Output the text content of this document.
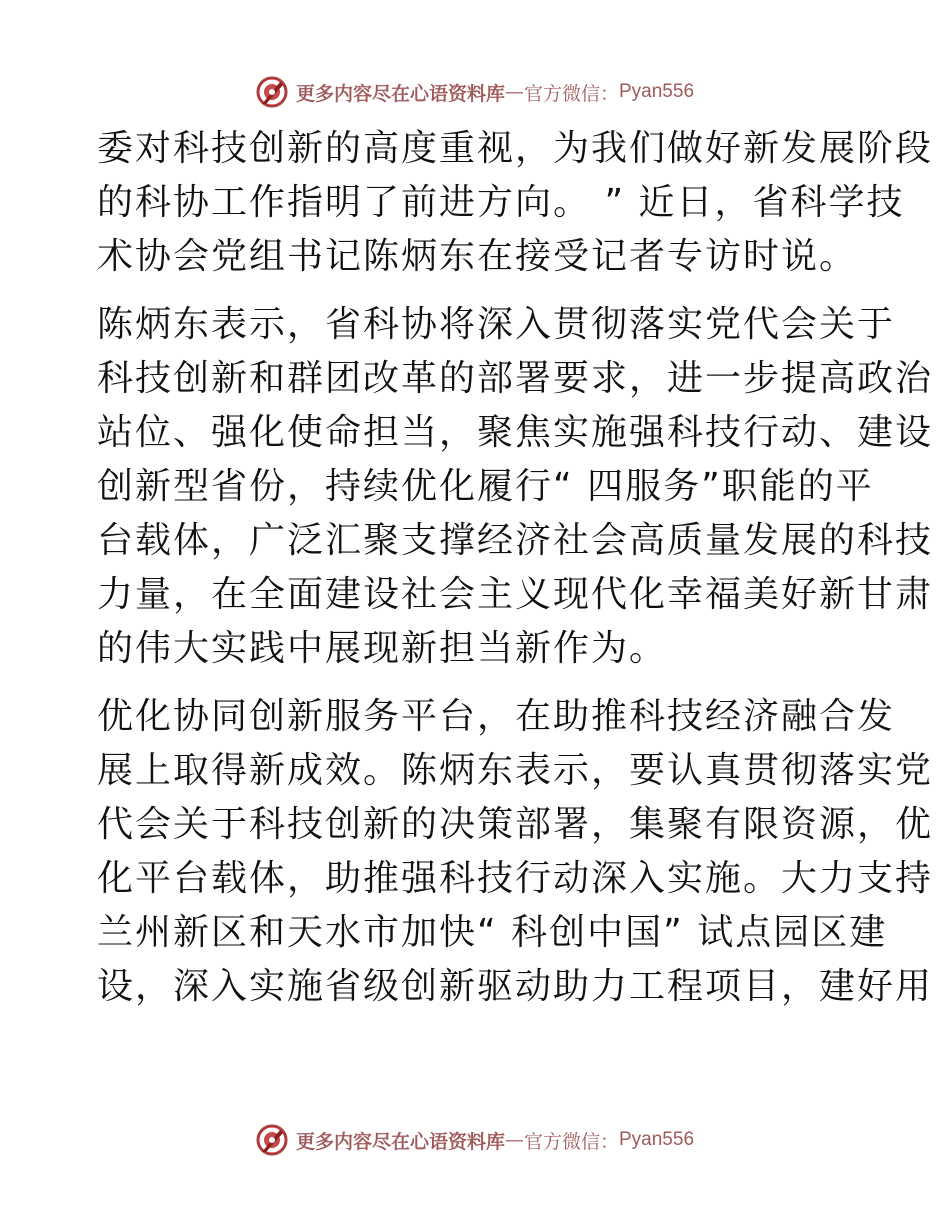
更多内容尽在心语资料库 — 官方微信： Pyan556
委对科技创新的高度重视，为我们做好新发展阶段
的科协工作指明了前进方向。 ” 近日，省科学技
术协会党组书记陈炳东在接受记者专访时说。
陈炳东表示，省科协将深入贯彻落实党代会关于
科技创新和群团改革的部署要求，进一步提高政治
站位、强化使命担当，聚焦实施强科技行动、建设
创新型省份，持续优化履行“ 四服务”职能的平
台载体，广泛汇聚支撑经济社会高质量发展的科技
力量，在全面建设社会主义现代化幸福美好新甘肃
的伟大实践中展现新担当新作为。
优化协同创新服务平台，在助推科技经济融合发
展上取得新成效。陈炳东表示，要认真贯彻落实党
代会关于科技创新的决策部署，集聚有限资源，优
化平台载体，助推强科技行动深入实施。大力支持
兰州新区和天水市加快“ 科创中国” 试点园区建
设，深入实施省级创新驱动助力工程项目，建好用
更多内容尽在心语资料库 — 官方微信： Pyan556
